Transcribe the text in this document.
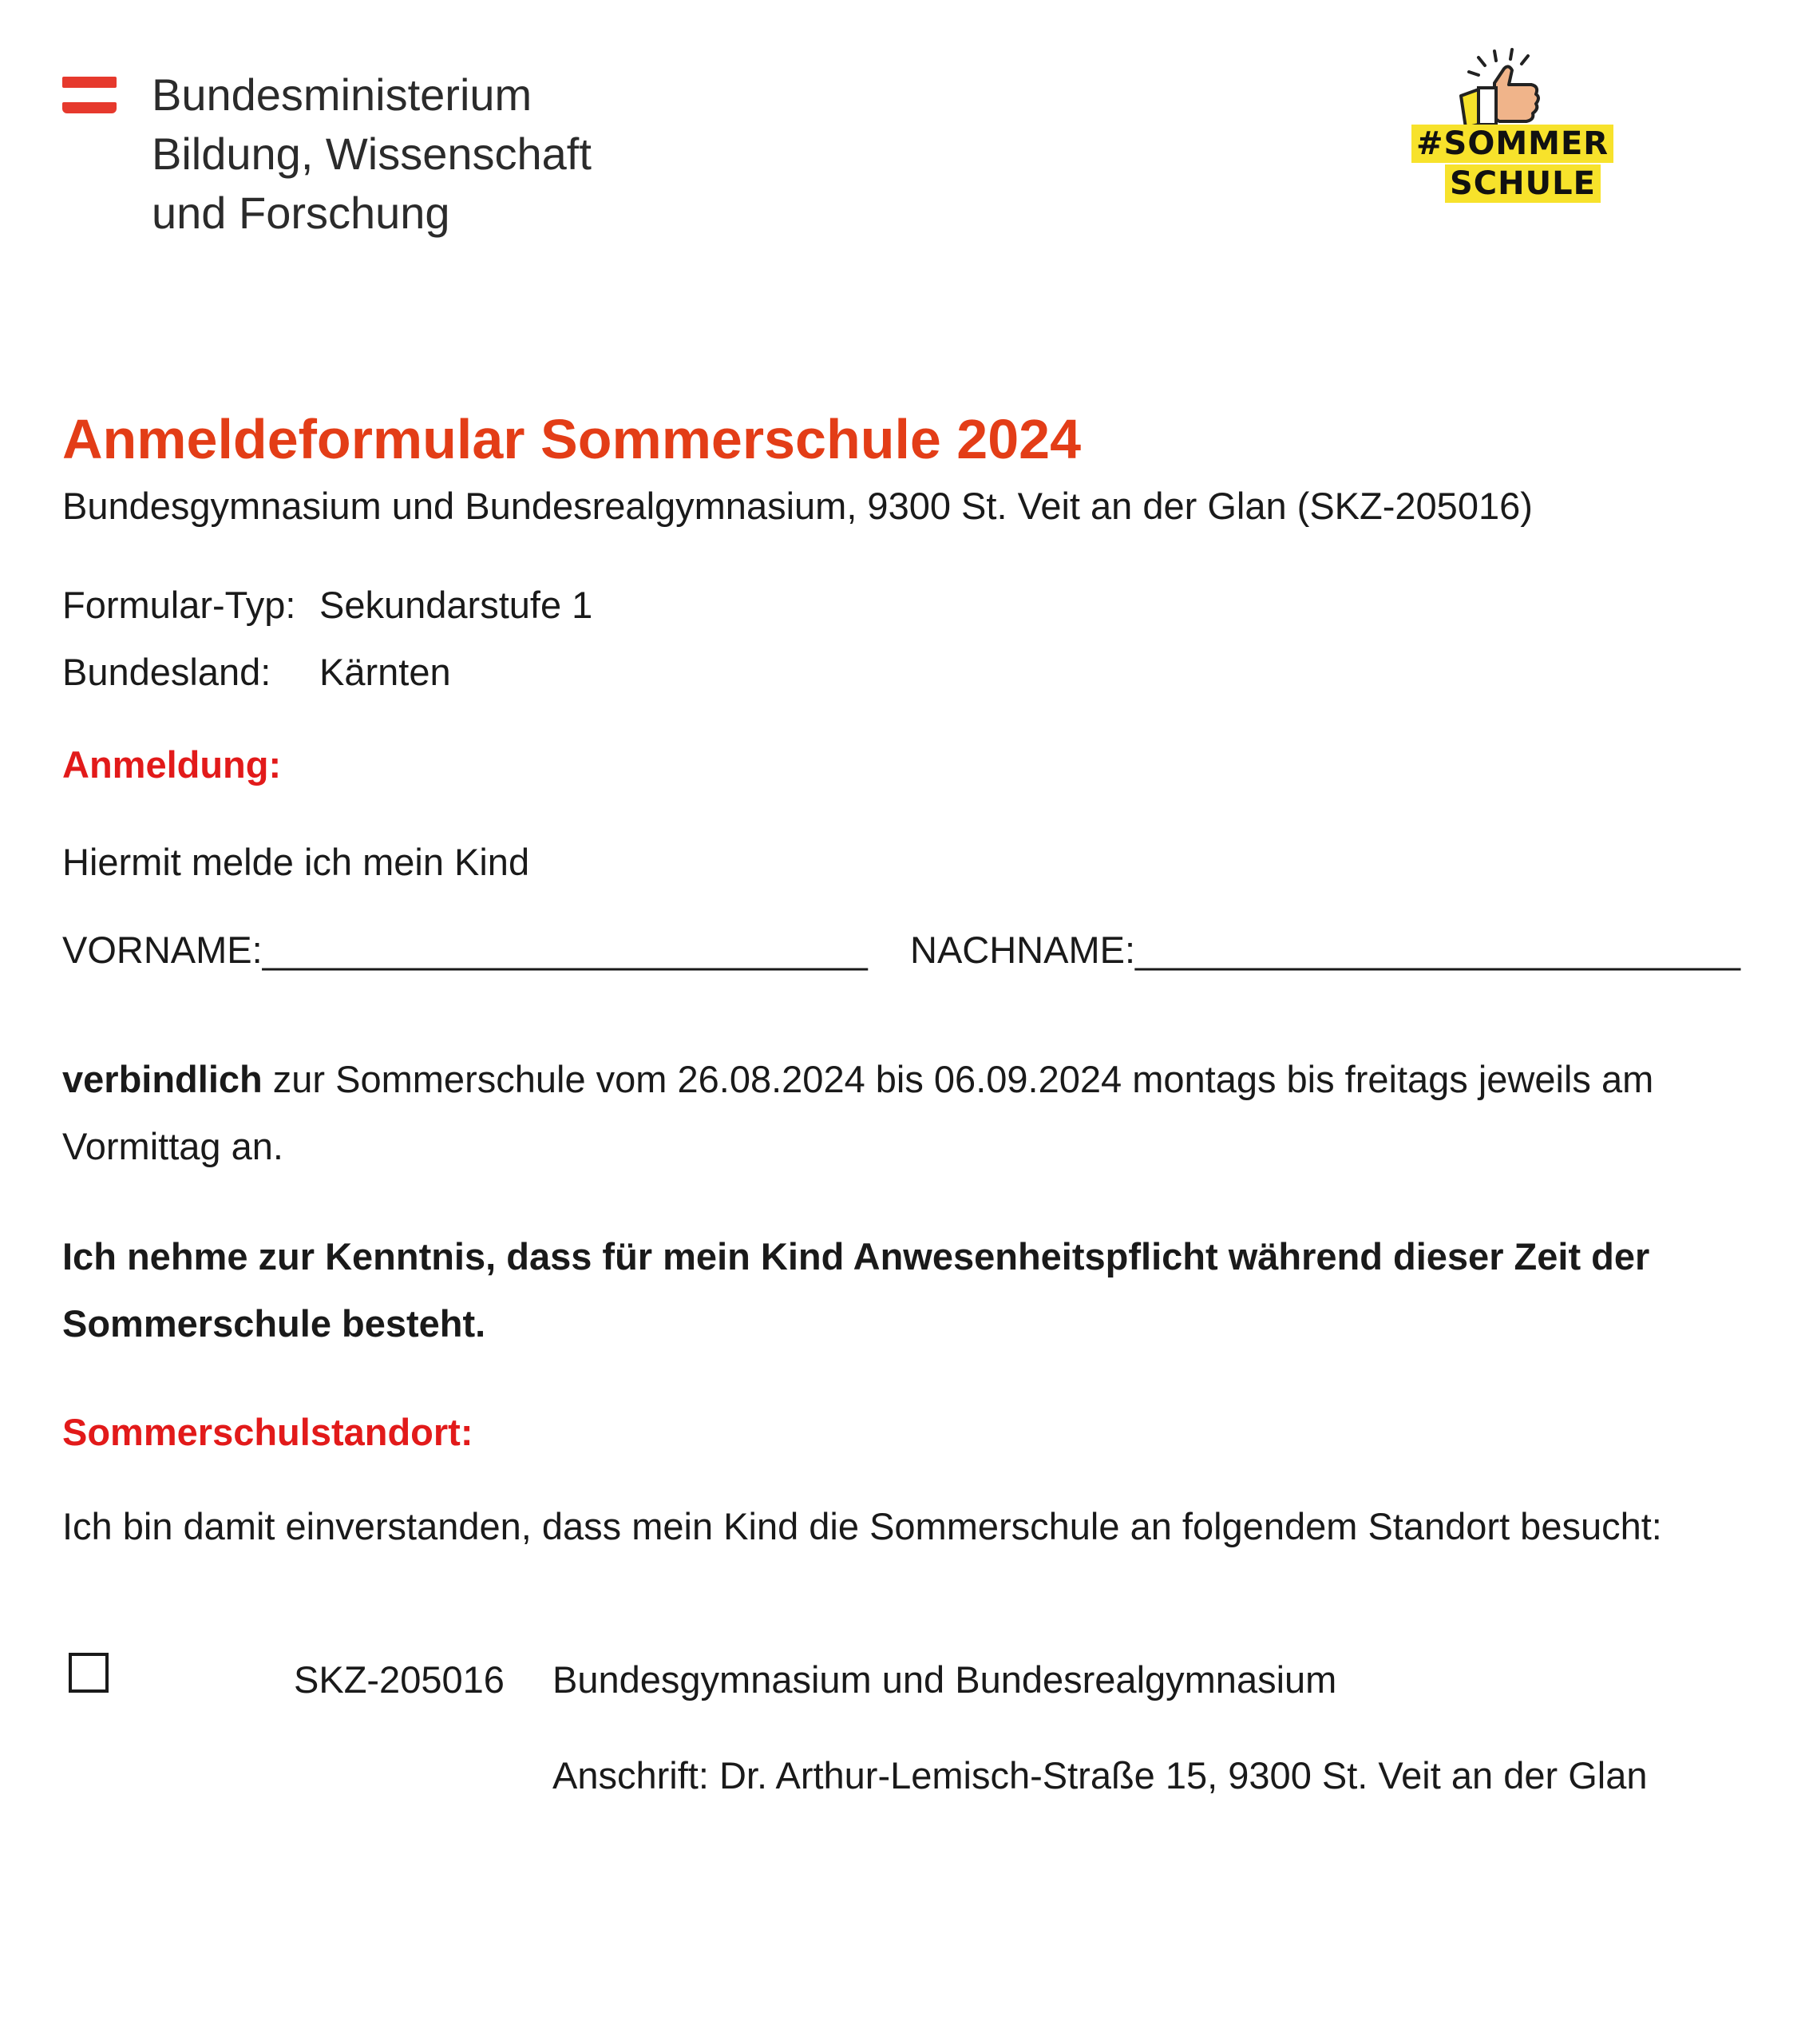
Bundesministerium
Bildung, Wissenschaft
und Forschung
#SOMMER
SCHULE
Anmeldeformular Sommerschule 2024
Bundesgymnasium und Bundesrealgymnasium, 9300 St. Veit an der Glan (SKZ-205016)
Formular-Typ: Sekundarstufe 1
Bundesland: Kärnten
Anmeldung:
Hiermit melde ich mein Kind
VORNAME:_____________________________ NACHNAME:_____________________________
verbindlich zur Sommerschule vom 26.08.2024 bis 06.09.2024 montags bis freitags jeweils am
Vormittag an.
Ich nehme zur Kenntnis, dass für mein Kind Anwesenheitspflicht während dieser Zeit der
Sommerschule besteht.
Sommerschulstandort:
Ich bin damit einverstanden, dass mein Kind die Sommerschule an folgendem Standort besucht:
SKZ-205016 Bundesgymnasium und Bundesrealgymnasium
Anschrift: Dr. Arthur-Lemisch-Straße 15, 9300 St. Veit an der Glan
